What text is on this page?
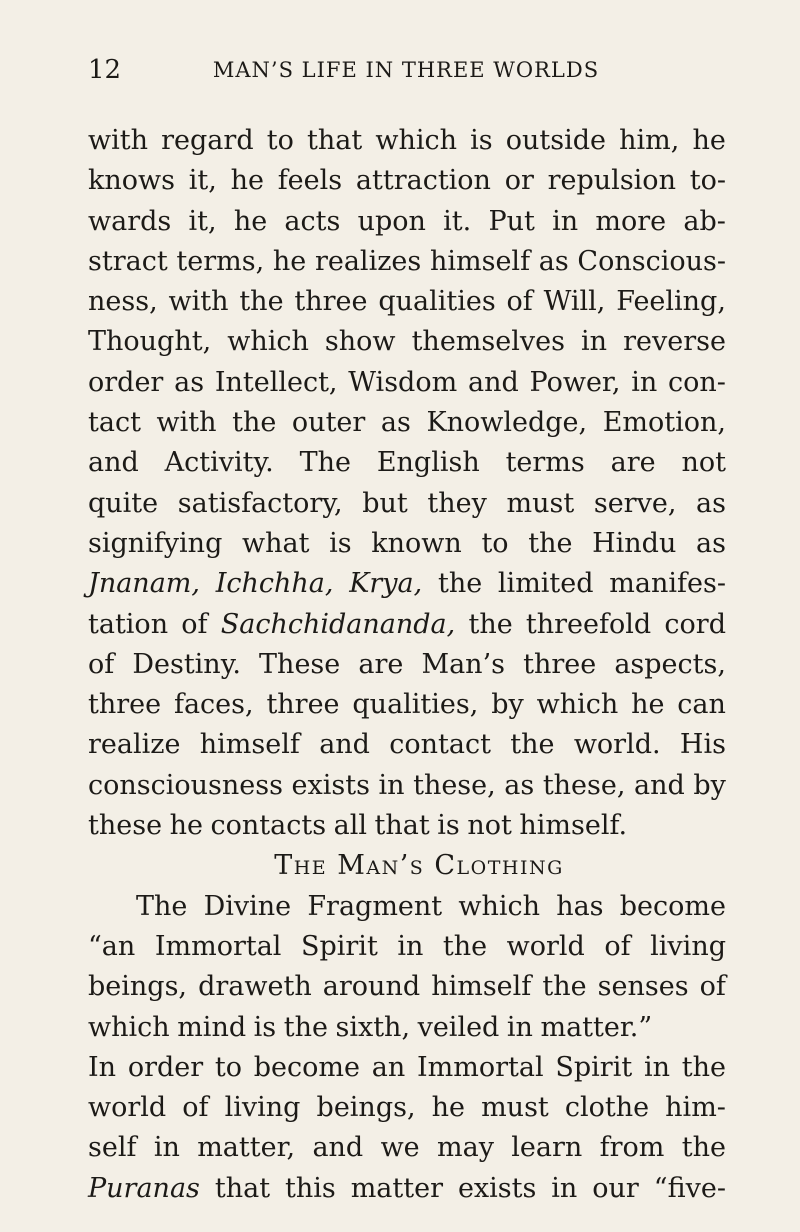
12	MAN’S LIFE IN THREE WORLDS
with regard to that which is outside him, he
knows it, he feels attraction or repulsion to-
wards it, he acts upon it. Put in more ab-
stract terms, he realizes himself as Conscious-
ness, with the three qualities of Will, Feeling,
Thought, which show themselves in reverse
order as Intellect, Wisdom and Power, in con-
tact with the outer as Knowledge, Emotion,
and Activity. The English terms are not
quite satisfactory, but they must serve, as
signifying what is known to the Hindu as
Jnanam, Ichchha, Krya, the limited manifes-
tation of Sachchidananda, the threefold cord
of Destiny. These are Man’s three aspects,
three faces, three qualities, by which he can
realize himself and contact the world. His
consciousness exists in these, as these, and by
these he contacts all that is not himself.
The Man’s Clothing
The Divine Fragment which has become
“an Immortal Spirit in the world of living
beings, draweth around himself the senses of
which mind is the sixth, veiled in matter.”
In order to become an Immortal Spirit in the
world of living beings, he must clothe him-
self in matter, and we may learn from the
Puranas that this matter exists in our “five-
